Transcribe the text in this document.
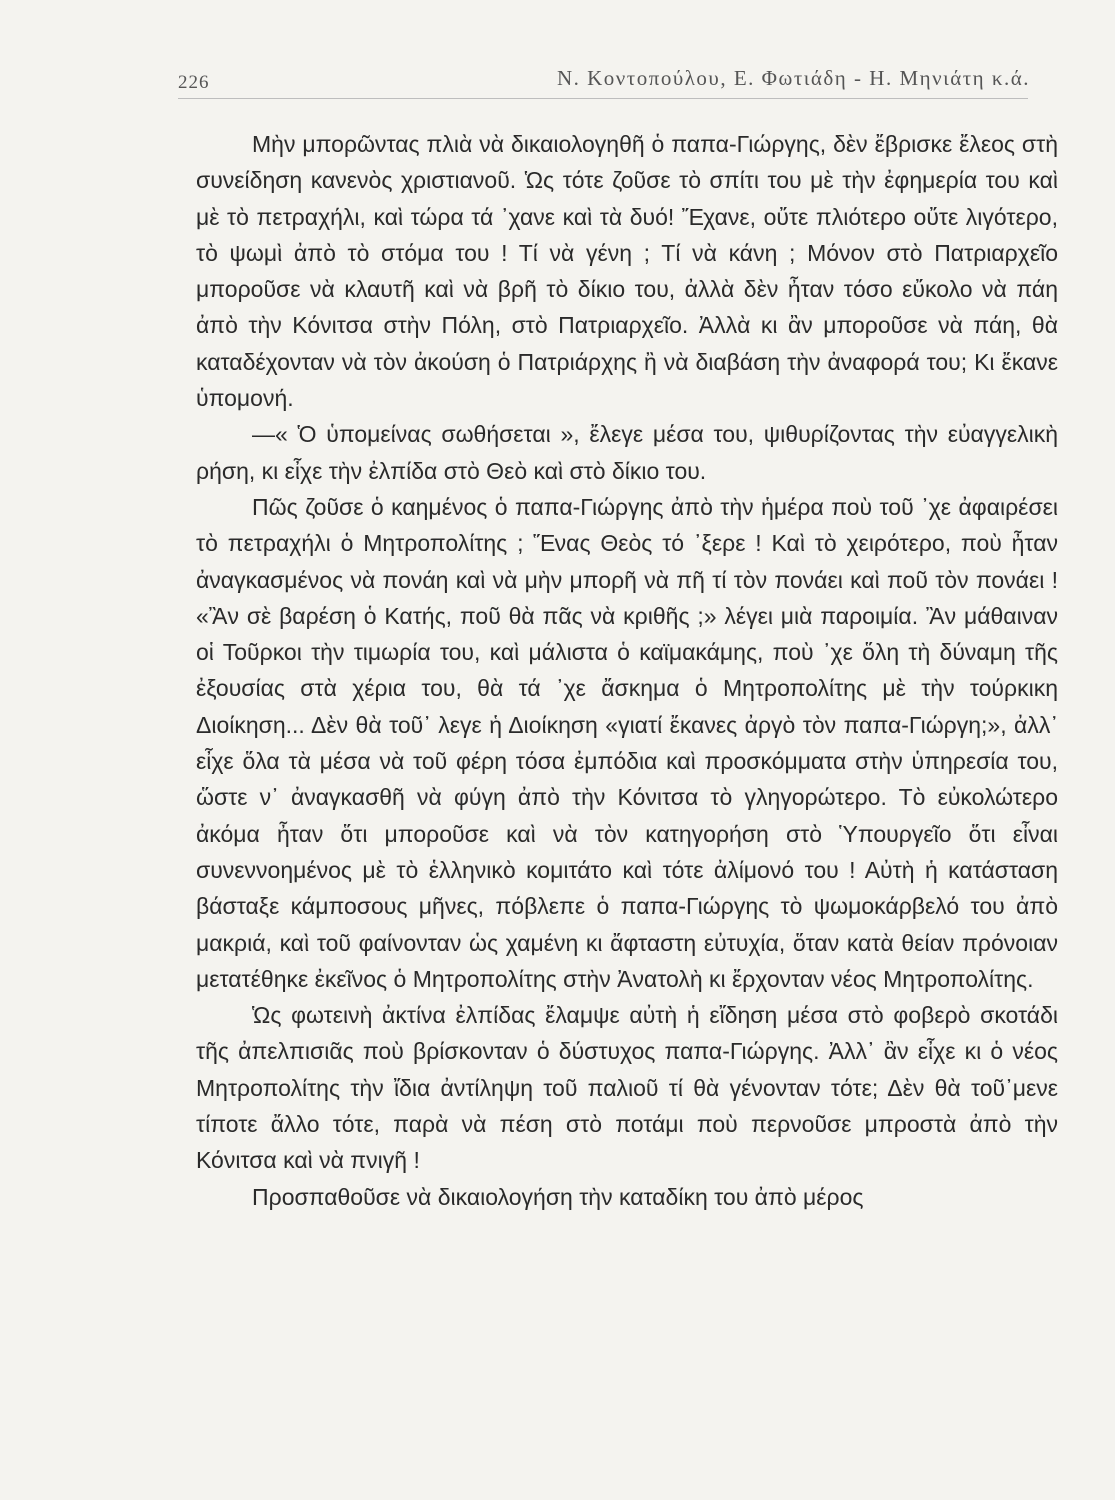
226	Ν. Κοντοπούλου, Ε. Φωτιάδη - Η. Μηνιάτη κ.ά.

Μὴν μπορῶντας πλιὰ νὰ δικαιολογηθῆ ὁ παπα-Γιώργης, δὲν ἔβρισκε ἔλεος στὴ συνείδηση κανενὸς χριστιανοῦ. Ὡς τότε ζοῦσε τὸ σπίτι του μὲ τὴν ἐφημερία του καὶ μὲ τὸ πετραχήλι, καὶ τώρα τά ᾿χανε καὶ τὰ δυό! Ἔχανε, οὔτε πλιότερο οὔτε λιγότερο, τὸ ψωμὶ ἀπὸ τὸ στόμα του ! Τί νὰ γένη ; Τί νὰ κάνη ; Μόνον στὸ Πατριαρχεῖο μποροῦσε νὰ κλαυτῆ καὶ νὰ βρῆ τὸ δίκιο του, ἀλλὰ δὲν ἦταν τόσο εὔκολο νὰ πάη ἀπὸ τὴν Κόνιτσα στὴν Πόλη, στὸ Πατριαρχεῖο. Ἀλλὰ κι ἂν μποροῦσε νὰ πάη, θὰ καταδέχονταν νὰ τὸν ἀκούση ὁ Πατριάρχης ἢ νὰ διαβάση τὴν ἀναφορά του; Κι ἔκανε ὑπομονή.

—« Ὁ ὑπομείνας σωθήσεται », ἔλεγε μέσα του, ψιθυρίζοντας τὴν εὐαγγελικὴ ρήση, κι εἶχε τὴν ἐλπίδα στὸ Θεὸ καὶ στὸ δίκιο του.

Πῶς ζοῦσε ὁ καημένος ὁ παπα-Γιώργης ἀπὸ τὴν ἡμέρα ποὺ τοῦ ᾿χε ἀφαιρέσει τὸ πετραχήλι ὁ Μητροπολίτης ; Ἕνας Θεὸς τό ᾿ξερε ! Καὶ τὸ χειρότερο, ποὺ ἦταν ἀναγκασμένος νὰ πονάη καὶ νὰ μὴν μπορῆ νὰ πῆ τί τὸν πονάει καὶ ποῦ τὸν πονάει ! «Ἂν σὲ βαρέση ὁ Κατής, ποῦ θὰ πᾶς νὰ κριθῆς ;» λέγει μιὰ παροιμία. Ἂν μάθαιναν οἱ Τοῦρκοι τὴν τιμωρία του, καὶ μάλιστα ὁ καϊμακάμης, ποὺ ᾿χε ὅλη τὴ δύναμη τῆς ἐξουσίας στὰ χέρια του, θὰ τά ᾿χε ἄσκημα ὁ Μητροπολίτης μὲ τὴν τούρκικη Διοίκηση... Δὲν θὰ τοῦ᾿ λεγε ἡ Διοίκηση «γιατί ἔκανες ἀργὸ τὸν παπα-Γιώργη;», ἀλλ᾿ εἶχε ὅλα τὰ μέσα νὰ τοῦ φέρη τόσα ἐμπόδια καὶ προσκόμματα στὴν ὑπηρεσία του, ὥστε ν᾿ ἀναγκασθῆ νὰ φύγη ἀπὸ τὴν Κόνιτσα τὸ γληγορώτερο. Τὸ εὐκολώτερο ἀκόμα ἦταν ὅτι μποροῦσε καὶ νὰ τὸν κατηγορήση στὸ Ὑπουργεῖο ὅτι εἶναι συνεννοημένος μὲ τὸ ἑλληνικὸ κομιτάτο καὶ τότε ἀλίμονό του ! Αὐτὴ ἡ κατάσταση βάσταξε κάμποσους μῆνες, πόβλεπε ὁ παπα-Γιώργης τὸ ψωμοκάρβελό του ἀπὸ μακριά, καὶ τοῦ φαίνονταν ὡς χαμένη κι ἄφταστη εὐτυχία, ὅταν κατὰ θείαν πρόνοιαν μετατέθηκε ἐκεῖνος ὁ Μητροπολίτης στὴν Ἀνατολὴ κι ἔρχονταν νέος Μητροπολίτης.

Ὡς φωτεινὴ ἀκτίνα ἐλπίδας ἔλαμψε αὐτὴ ἡ εἴδηση μέσα στὸ φοβερὸ σκοτάδι τῆς ἀπελπισιᾶς ποὺ βρίσκονταν ὁ δύστυχος παπα-Γιώργης. Ἀλλ᾿ ἂν εἶχε κι ὁ νέος Μητροπολίτης τὴν ἴδια ἀντίληψη τοῦ παλιοῦ τί θὰ γένονταν τότε; Δὲν θὰ τοῦ᾿μενε τίποτε ἄλλο τότε, παρὰ νὰ πέση στὸ ποτάμι ποὺ περνοῦσε μπροστὰ ἀπὸ τὴν Κόνιτσα καὶ νὰ πνιγῆ !

Προσπαθοῦσε νὰ δικαιολογήση τὴν καταδίκη του ἀπὸ μέρος
